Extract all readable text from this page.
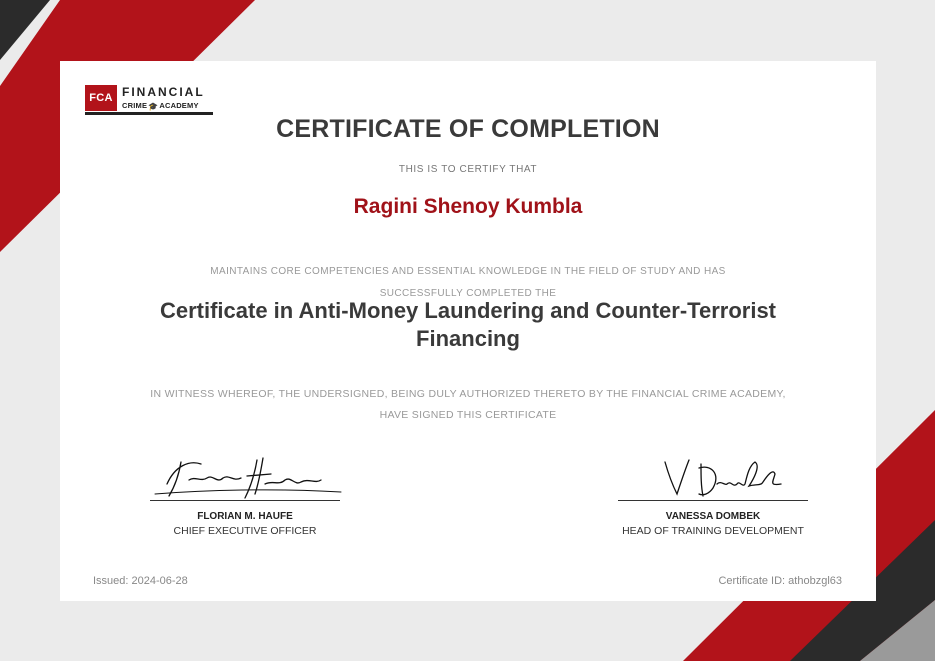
FCA FINANCIAL
CRIME🎓ACADEMY
CERTIFICATE OF COMPLETION
THIS IS TO CERTIFY THAT
Ragini Shenoy Kumbla
MAINTAINS CORE COMPETENCIES AND ESSENTIAL KNOWLEDGE IN THE FIELD OF STUDY AND HAS SUCCESSFULLY COMPLETED THE
Certificate in Anti-Money Laundering and Counter-Terrorist Financing
IN WITNESS WHEREOF, THE UNDERSIGNED, BEING DULY AUTHORIZED THERETO BY THE FINANCIAL CRIME ACADEMY, HAVE SIGNED THIS CERTIFICATE
FLORIAN M. HAUFE
CHIEF EXECUTIVE OFFICER
VANESSA DOMBEK
HEAD OF TRAINING DEVELOPMENT
Issued: 2024-06-28	Certificate ID: athobzgl63
